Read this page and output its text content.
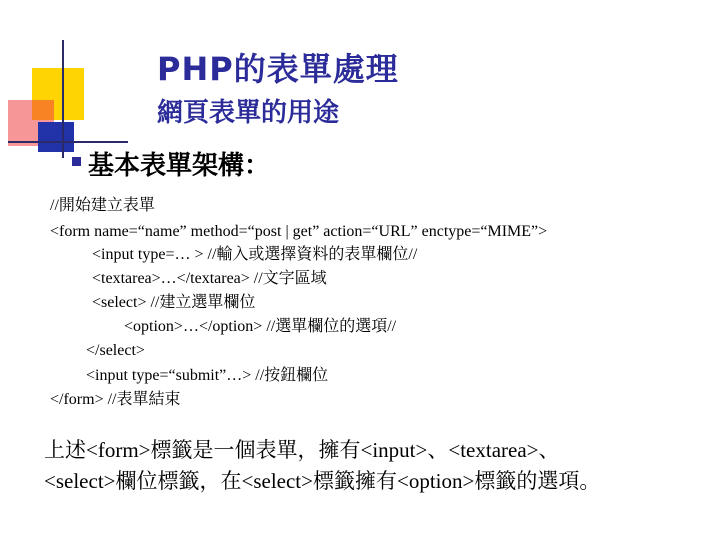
PHP的表單處理
網頁表單的用途
基本表單架構：
//開始建立表單
<form name=“name” method=“post | get” action=“URL” enctype=“MIME”>
<input type=… > //輸入或選擇資料的表單欄位//
<textarea>…</textarea> //文字區域
<select> //建立選單欄位
<option>…</option> //選單欄位的選項//
</select>
<input type=“submit”…> //按鈕欄位
</form> //表單結束
上述<form>標籤是一個表單，擁有<input>、<textarea>、
<select>欄位標籤，在<select>標籤擁有<option>標籤的選項。
